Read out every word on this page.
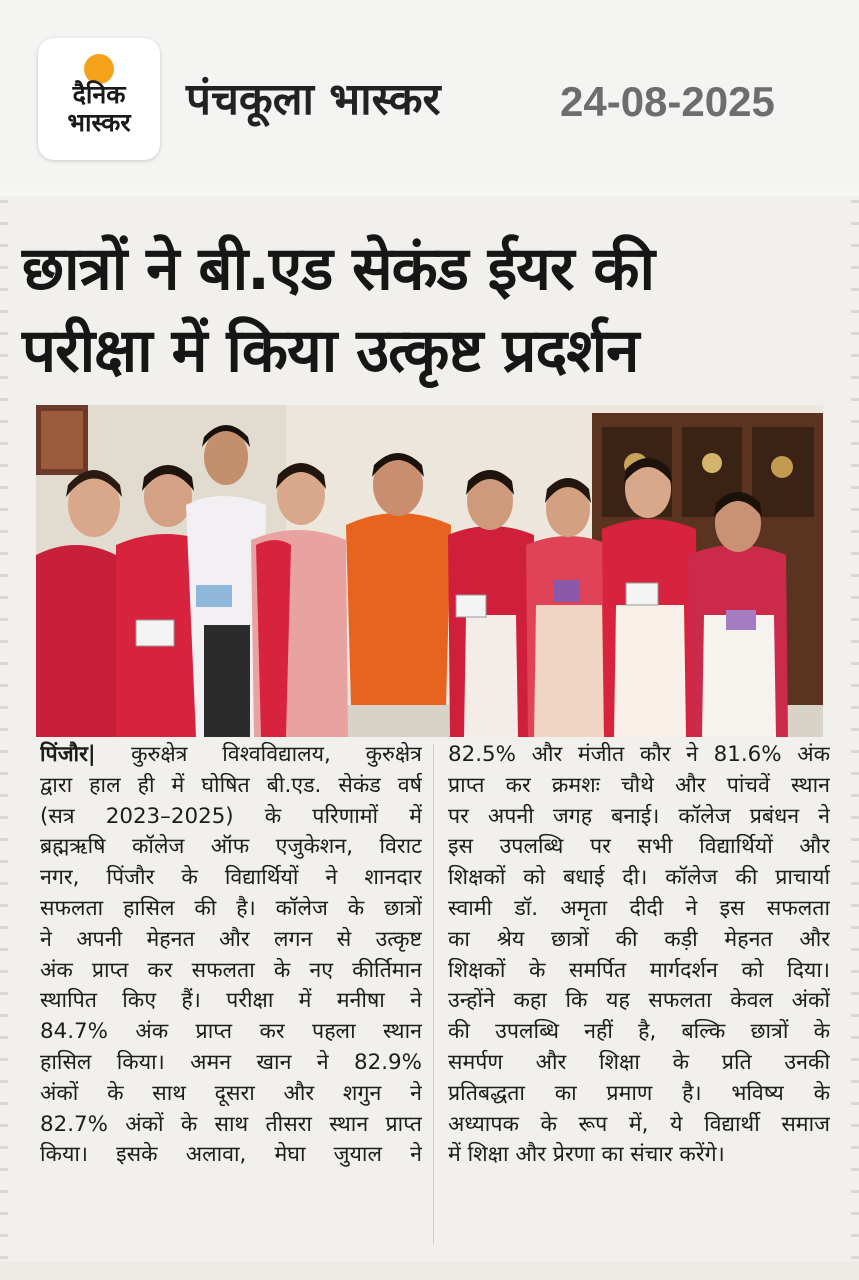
दैनिक
भास्कर	पंचकूला भास्कर	24-08-2025
छात्रों ने बी.एड सेकंड ईयर की
परीक्षा में किया उत्कृष्ट प्रदर्शन
पिंजौर| कुरुक्षेत्र विश्वविद्यालय, कुरुक्षेत्र
द्वारा हाल ही में घोषित बी.एड. सेकंड वर्ष
(सत्र 2023–2025) के परिणामों में
ब्रह्मऋषि कॉलेज ऑफ एजुकेशन, विराट
नगर, पिंजौर के विद्यार्थियों ने शानदार
सफलता हासिल की है। कॉलेज के छात्रों
ने अपनी मेहनत और लगन से उत्कृष्ट
अंक प्राप्त कर सफलता के नए कीर्तिमान
स्थापित किए हैं। परीक्षा में मनीषा ने
84.7% अंक प्राप्त कर पहला स्थान
हासिल किया। अमन खान ने 82.9%
अंकों के साथ दूसरा और शगुन ने
82.7% अंकों के साथ तीसरा स्थान प्राप्त
किया। इसके अलावा, मेघा जुयाल ने
82.5% और मंजीत कौर ने 81.6% अंक
प्राप्त कर क्रमशः चौथे और पांचवें स्थान
पर अपनी जगह बनाई। कॉलेज प्रबंधन ने
इस उपलब्धि पर सभी विद्यार्थियों और
शिक्षकों को बधाई दी। कॉलेज की प्राचार्या
स्वामी डॉ. अमृता दीदी ने इस सफलता
का श्रेय छात्रों की कड़ी मेहनत और
शिक्षकों के समर्पित मार्गदर्शन को दिया।
उन्होंने कहा कि यह सफलता केवल अंकों
की उपलब्धि नहीं है, बल्कि छात्रों के
समर्पण और शिक्षा के प्रति उनकी
प्रतिबद्धता का प्रमाण है। भविष्य के
अध्यापक के रूप में, ये विद्यार्थी समाज
में शिक्षा और प्रेरणा का संचार करेंगे।
